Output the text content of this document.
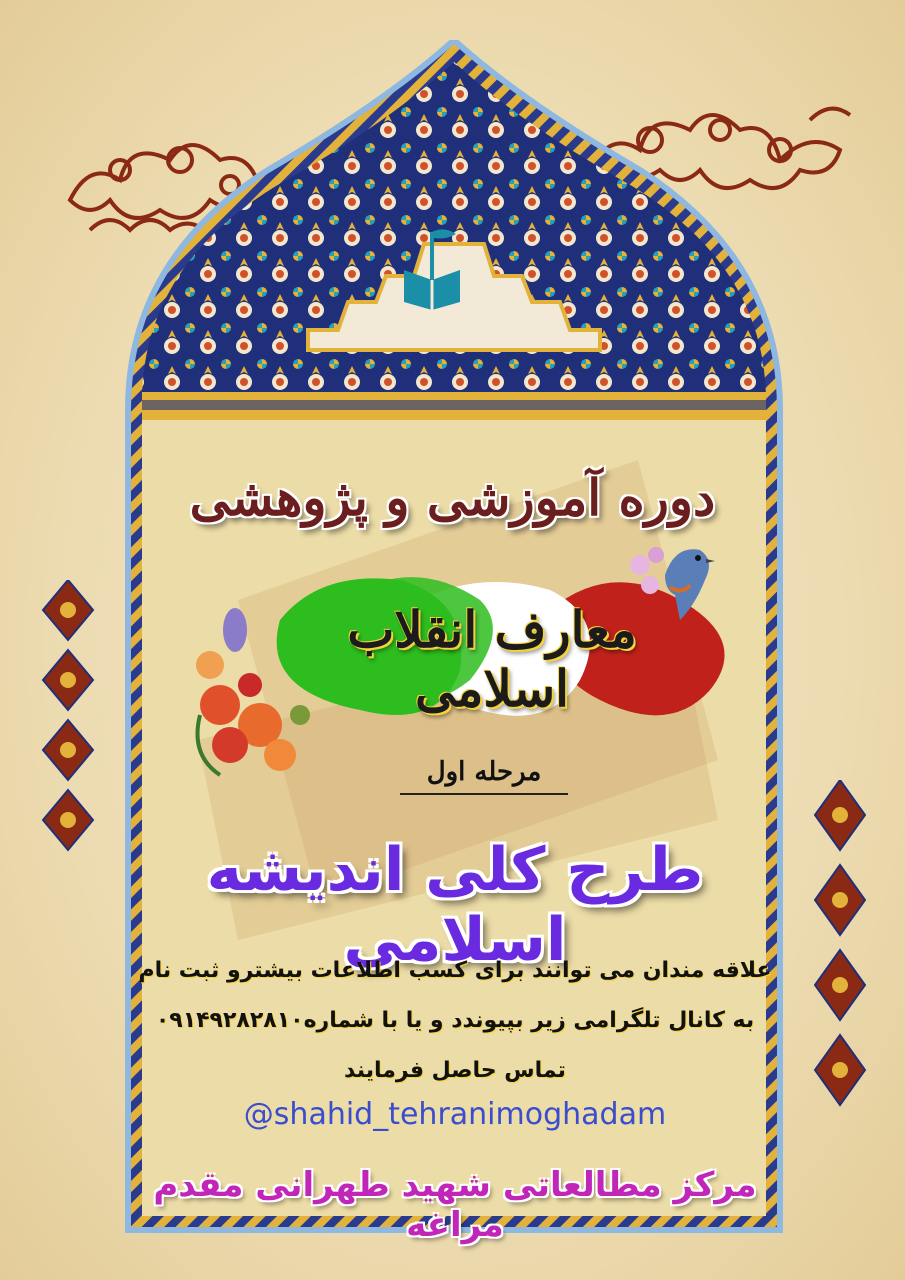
دوره آموزشی و پژوهشی
معارف انقلاب اسلامی
مرحله اول
طرح کلی اندیشه اسلامی
علاقه مندان می توانند برای کسب اطلاعات بیشترو ثبت نام
به کانال تلگرامی زیر بپیوندد و یا با شماره۰۹۱۴۹۲۸۲۸۱۰
تماس حاصل فرمایند
@shahid_tehranimoghadam
مرکز مطالعاتی شهید طهرانی مقدم مراغه
